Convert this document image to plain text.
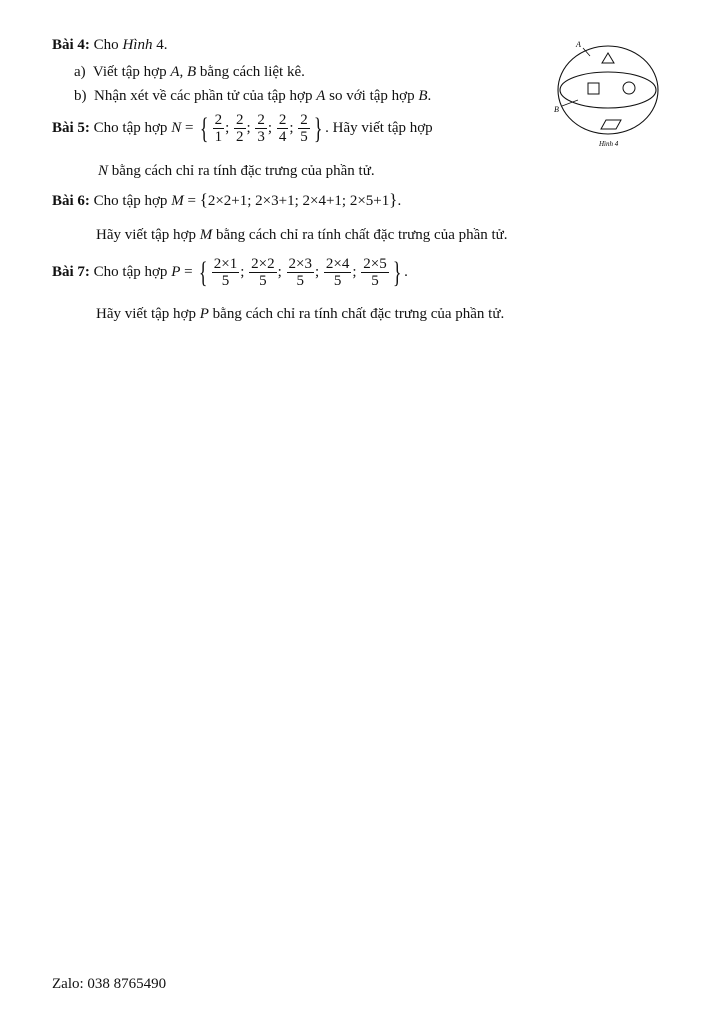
Bài 4: Cho Hình 4.
a) Viết tập hợp A, B bằng cách liệt kê.
b) Nhận xét về các phần tử của tập hợp A so với tập hợp B.
A
B
Hình 4
Bài 5: Cho tập hợp N = { $\frac{2}{1}$ ; $\frac{2}{2}$ ; $\frac{2}{3}$ ; $\frac{2}{4}$ ; $\frac{2}{5}$ } . Hãy viết tập hợp
N bằng cách chỉ ra tính đặc trưng của phần tử.
Bài 6: Cho tập hợp M = {2×2+1; 2×3+1; 2×4+1; 2×5+1}.
Hãy viết tập hợp M bằng cách chỉ ra tính chất đặc trưng của phần tử.
Bài 7: Cho tập hợp P = { $\frac{2\times 1}{5}$ ; $\frac{2\times 2}{5}$ ; $\frac{2\times 3}{5}$ ; $\frac{2\times 4}{5}$ ; $\frac{2\times 5}{5}$ } .
Hãy viết tập hợp P bằng cách chỉ ra tính chất đặc trưng của phần tử.
Zalo: 038 8765490
